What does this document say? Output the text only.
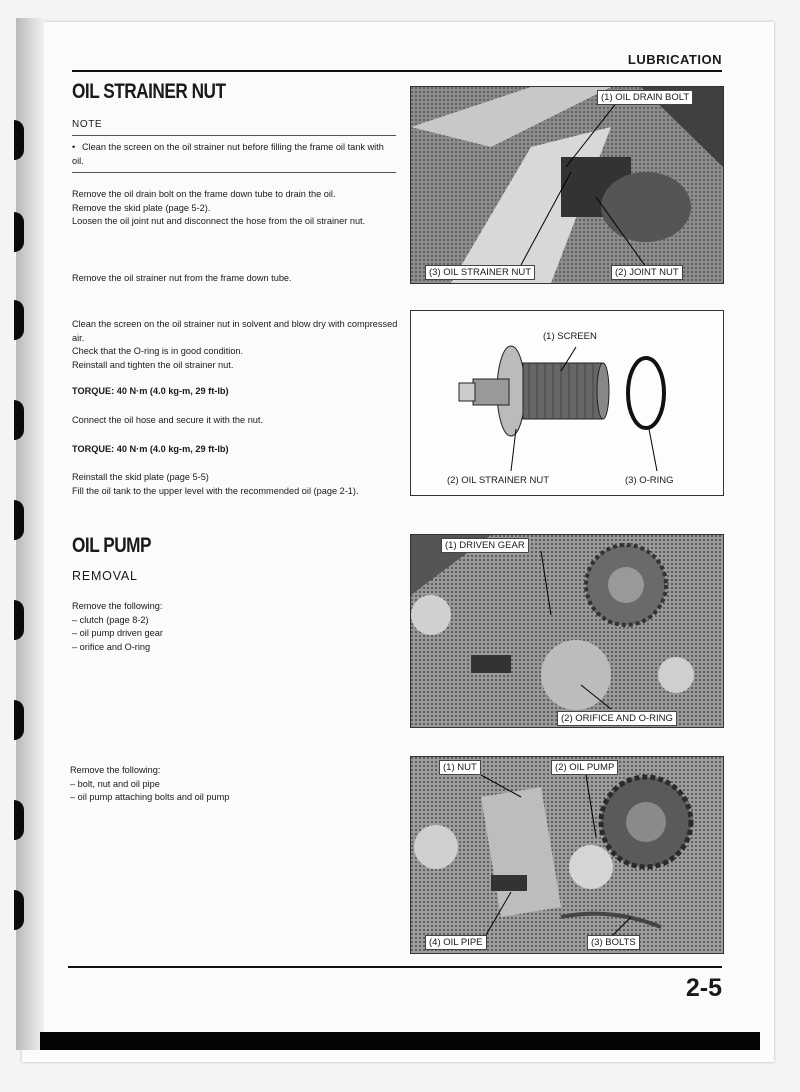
LUBRICATION
OIL STRAINER NUT
NOTE
• Clean the screen on the oil strainer nut before filling the frame oil tank with oil.

Remove the oil drain bolt on the frame down tube to drain the oil.

Remove the skid plate (page 5-2).

Loosen the oil joint nut and disconnect the hose from the oil strainer nut.

Remove the oil strainer nut from the frame down tube.

Clean the screen on the oil strainer nut in solvent and blow dry with compressed air.

Check that the O-ring is in good condition.

Reinstall and tighten the oil strainer nut.

TORQUE: 40 N·m (4.0 kg-m, 29 ft-lb)
Connect the oil hose and secure it with the nut.
TORQUE: 40 N·m (4.0 kg-m, 29 ft-lb)

Reinstall the skid plate (page 5-5)

Fill the oil tank to the upper level with the recommended oil (page 2-1).

(1) OIL DRAIN BOLT
(3) OIL STRAINER NUT	(2) JOINT NUT
(1) SCREEN
(2) OIL STRAINER NUT	(3) O-RING
OIL PUMP
REMOVAL

Remove the following:

– clutch (page 8-2)

– oil pump driven gear

– orifice and O-ring

Remove the following:

– bolt, nut and oil pipe

– oil pump attaching bolts and oil pump

(1) DRIVEN GEAR
(2) ORIFICE AND O-RING
(1) NUT	(2) OIL PUMP
(4) OIL PIPE	(3) BOLTS
2-5
